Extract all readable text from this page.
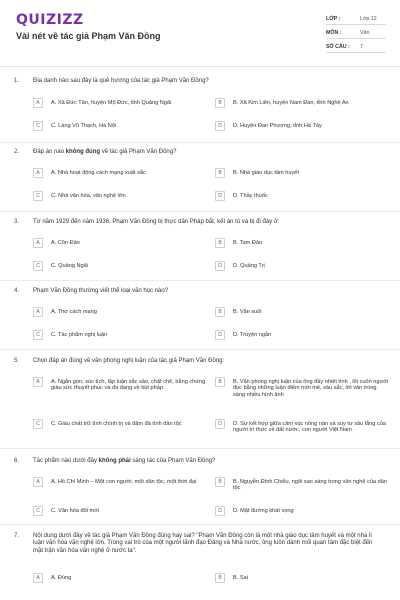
QUIZIZZ
Vài nét về tác giả Phạm Văn Đồng
LỚP :	Lớp 12
MÔN :	Văn
SỐ CÂU :	7
1. Địa danh nào sau đây là quê hương của tác giả Phạm Văn Đồng?
A	A. Xã Đức Tân, huyện Mộ Đức, tỉnh Quảng Ngãi	B	B. Xã Kim Liên, huyện Nam Đàn, tỉnh Nghệ An
C	C. Làng Vũ Thạch, Hà Nội	D	D. Huyện Đan Phượng, tỉnh Hà Tây
2. Đáp án nào không đúng về tác giả Phạm Văn Đồng?
A	A. Nhà hoạt động cách mạng xuất sắc	B	B. Nhà giáo dục tâm huyết
C	C. Nhà văn hóa, văn nghệ lớn	D	D. Thầy thuốc
3. Từ năm 1929 đến năm 1936, Phạm Văn Đồng bị thực dân Pháp bắt, kết án tù và bị đi đày ở:
A	A. Côn Đảo	B	B. Tam Đảo
C	C. Quảng Ngãi	D	D. Quảng Trị
4. Phạm Văn Đồng thường viết thể loại văn học nào?
A	A. Thơ cách mạng	B	B. Văn xuôi
C	C. Tác phẩm nghị luận	D	D. Truyện ngắn
5. Chọn đáp án đúng về văn phong nghị luận của tác giả Phạm Văn Đồng:
A	A. Ngắn gọn, súc tích, lập luận sắc sảo, chặt chẽ, bằng chứng giàu sức thuyết phục và đa dạng về bút pháp.
B	B. Văn phong nghị luận của ông đầy nhiệt tình , lôi cuốn người đọc bằng những luận điểm mới mẻ, sâu sắc, lời văn trong sáng nhiều hình ảnh
C	C. Giàu chất trữ tình chính trị và đậm đà tình dân tộc	D	D. Sự kết hợp giữa cảm xúc nồng nàn và suy tư sâu lắng của người trí thức về đất nước, con người Việt Nam
6. Tác phẩm nào dưới đây không phải sáng tác của Phạm Văn Đồng?
A	A. Hồ Chí Minh – Một con người, một dân tộc, một thời đại	B	B. Nguyễn Đình Chiểu, ngôi sao sáng trong văn nghệ của dân tộc
C	C. Văn hóa đổi mới	D	D. Mặt đường khát vọng
7. Nội dung dưới đây về tác giả Phạm Văn Đồng đúng hay sai? "Phạm Văn Đồng còn là một nhà giáo dục tâm huyết và một nhà lí luận văn hóa văn nghệ lớn. Trong vai trò của một người lãnh đạo Đảng và Nhà nước, ông luôn dành mối quan tâm đặc biệt đến mặt trận văn hóa văn nghệ ở nước ta".
A	A. Đúng	B	B. Sai
